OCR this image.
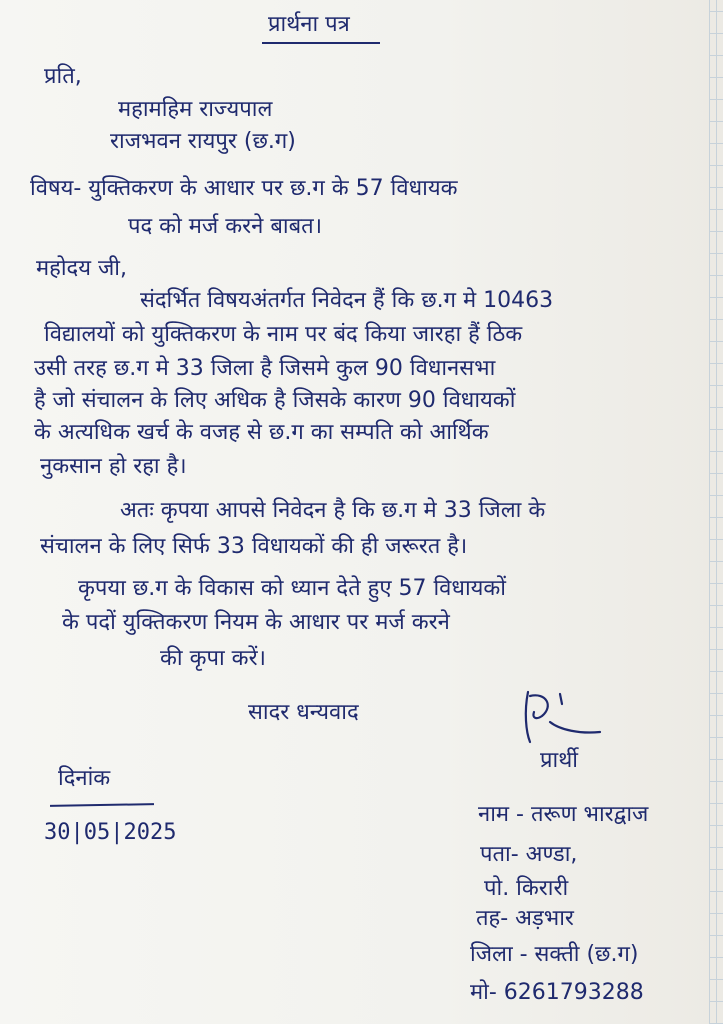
प्रार्थना पत्र
प्रति,
महामहिम राज्यपाल
राजभवन रायपुर (छ.ग)
विषय- युक्तिकरण के आधार पर छ.ग के 57 विधायक
पद को मर्ज करने बाबत।
महोदय जी,
संदर्भित विषयअंतर्गत निवेदन हैं कि छ.ग मे 10463
विद्यालयों को युक्तिकरण के नाम पर बंद किया जारहा हैं ठिक
उसी तरह छ.ग मे 33 जिला है जिसमे कुल 90 विधानसभा
है जो संचालन के लिए अधिक है जिसके कारण 90 विधायकों
के अत्यधिक खर्च के वजह से छ.ग का सम्पति को आर्थिक
नुकसान हो रहा है।
अतः कृपया आपसे निवेदन है कि छ.ग मे 33 जिला के
संचालन के लिए सिर्फ 33 विधायकों की ही जरूरत है।
कृपया छ.ग के विकास को ध्यान देते हुए 57 विधायकों
के पदों युक्तिकरण नियम के आधार पर मर्ज करने
की कृपा करें।
सादर धन्यवाद
दिनांक
30|05|2025
प्रार्थी
नाम - तरूण भारद्वाज
पता- अण्डा,
पो. किरारी
तह- अड़भार
जिला - सक्ती (छ.ग)
मो- 6261793288
